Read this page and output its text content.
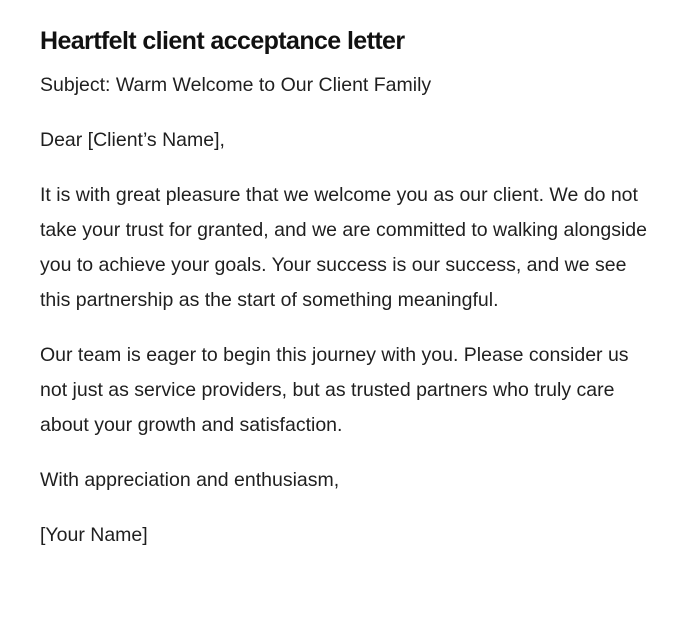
Heartfelt client acceptance letter

Subject: Warm Welcome to Our Client Family

Dear [Client’s Name],

It is with great pleasure that we welcome you as our client. We do not take your trust for granted, and we are committed to walking alongside you to achieve your goals. Your success is our success, and we see this partnership as the start of something meaningful.

Our team is eager to begin this journey with you. Please consider us not just as service providers, but as trusted partners who truly care about your growth and satisfaction.

With appreciation and enthusiasm,

[Your Name]
